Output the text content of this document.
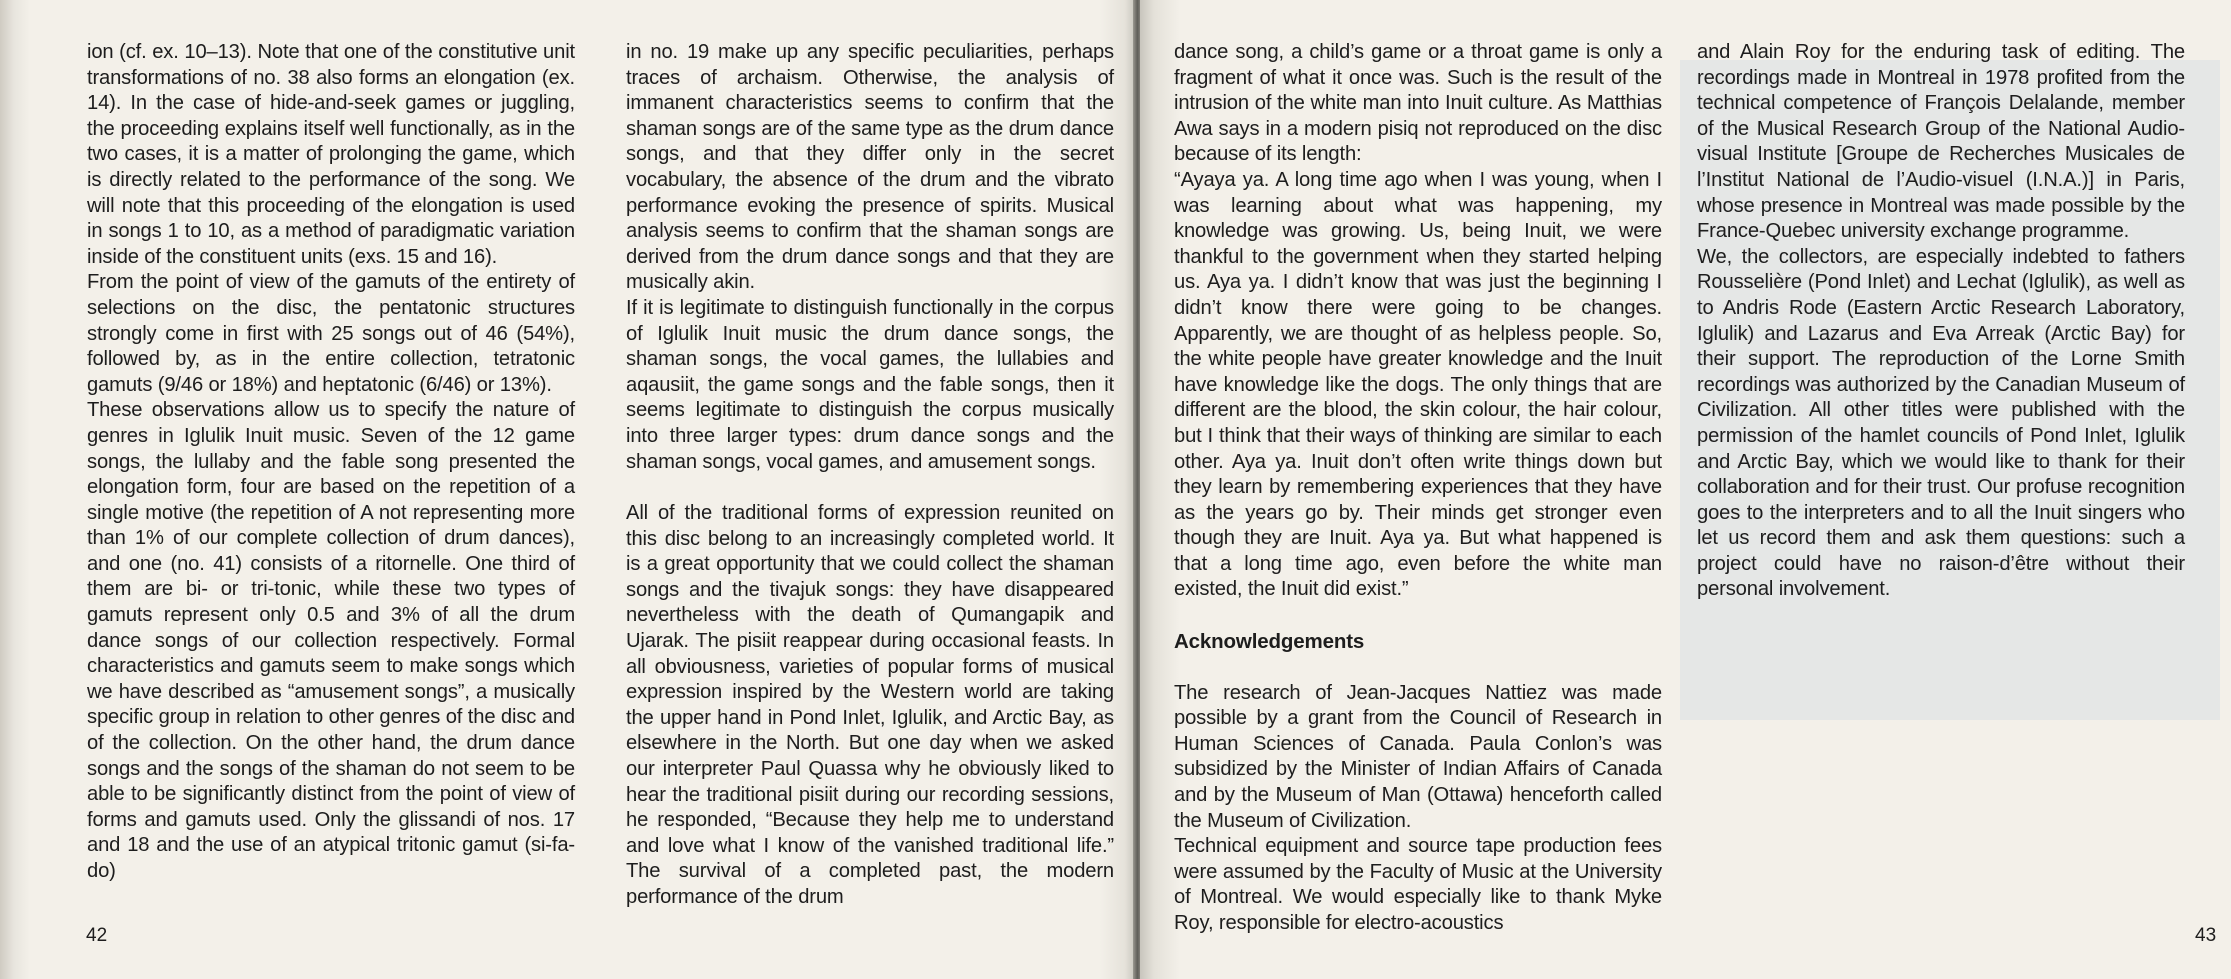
ion (cf. ex. 10–13). Note that one of the constitutive unit transformations of no. 38 also forms an elongation (ex. 14). In the case of hide-and-seek games or juggling, the proceeding explains itself well functionally, as in the two cases, it is a matter of prolonging the game, which is directly related to the performance of the song. We will note that this proceeding of the elongation is used in songs 1 to 10, as a method of paradigmatic variation inside of the constituent units (exs. 15 and 16).

From the point of view of the gamuts of the entirety of selections on the disc, the pentatonic structures strongly come in first with 25 songs out of 46 (54%), followed by, as in the entire collection, tetratonic gamuts (9/46 or 18%) and heptatonic (6/46) or 13%).

These observations allow us to specify the nature of genres in Iglulik Inuit music. Seven of the 12 game songs, the lullaby and the fable song presented the elongation form, four are based on the repetition of a single motive (the repetition of A not representing more than 1% of our complete collection of drum dances), and one (no. 41) consists of a ritornelle. One third of them are bi- or tri-tonic, while these two types of gamuts represent only 0.5 and 3% of all the drum dance songs of our collection respectively. Formal characteristics and gamuts seem to make songs which we have described as “amusement songs”, a musically specific group in relation to other genres of the disc and of the collection. On the other hand, the drum dance songs and the songs of the shaman do not seem to be able to be significantly distinct from the point of view of forms and gamuts used. Only the glissandi of nos. 17 and 18 and the use of an atypical tritonic gamut (si-fa-do)

in no. 19 make up any specific peculiarities, perhaps traces of archaism. Otherwise, the analysis of immanent characteristics seems to confirm that the shaman songs are of the same type as the drum dance songs, and that they differ only in the secret vocabulary, the absence of the drum and the vibrato performance evoking the presence of spirits. Musical analysis seems to confirm that the shaman songs are derived from the drum dance songs and that they are musically akin.

If it is legitimate to distinguish functionally in the corpus of Iglulik Inuit music the drum dance songs, the shaman songs, the vocal games, the lullabies and aqausiit, the game songs and the fable songs, then it seems legitimate to distinguish the corpus musically into three larger types: drum dance songs and the shaman songs, vocal games, and amusement songs.

All of the traditional forms of expression reunited on this disc belong to an increasingly completed world. It is a great opportunity that we could collect the shaman songs and the tivajuk songs: they have disappeared nevertheless with the death of Qumangapik and Ujarak. The pisiit reappear during occasional feasts. In all obviousness, varieties of popular forms of musical expression inspired by the Western world are taking the upper hand in Pond Inlet, Iglulik, and Arctic Bay, as elsewhere in the North. But one day when we asked our interpreter Paul Quassa why he obviously liked to hear the traditional pisiit during our recording sessions, he responded, “Because they help me to understand and love what I know of the vanished traditional life.” The survival of a completed past, the modern performance of the drum

42

dance song, a child’s game or a throat game is only a fragment of what it once was. Such is the result of the intrusion of the white man into Inuit culture. As Matthias Awa says in a modern pisiq not reproduced on the disc because of its length:

“Ayaya ya. A long time ago when I was young, when I was learning about what was happening, my knowledge was growing. Us, being Inuit, we were thankful to the government when they started helping us. Aya ya. I didn’t know that was just the beginning I didn’t know there were going to be changes. Apparently, we are thought of as helpless people. So, the white people have greater knowledge and the Inuit have knowledge like the dogs. The only things that are different are the blood, the skin colour, the hair colour, but I think that their ways of thinking are similar to each other. Aya ya. Inuit don’t often write things down but they learn by remembering experiences that they have as the years go by. Their minds get stronger even though they are Inuit. Aya ya. But what happened is that a long time ago, even before the white man existed, the Inuit did exist.”

Acknowledgements

The research of Jean-Jacques Nattiez was made possible by a grant from the Council of Research in Human Sciences of Canada. Paula Conlon’s was subsidized by the Minister of Indian Affairs of Canada and by the Museum of Man (Ottawa) henceforth called the Museum of Civilization.

Technical equipment and source tape production fees were assumed by the Faculty of Music at the University of Montreal. We would especially like to thank Myke Roy, responsible for electro-acoustics

and Alain Roy for the enduring task of editing. The recordings made in Montreal in 1978 profited from the technical competence of François Delalande, member of the Musical Research Group of the National Audio-visual Institute [Groupe de Recherches Musicales de l’Institut National de l’Audio-visuel (I.N.A.)] in Paris, whose presence in Montreal was made possible by the France-Quebec university exchange programme.

We, the collectors, are especially indebted to fathers Rousselière (Pond Inlet) and Lechat (Iglulik), as well as to Andris Rode (Eastern Arctic Research Laboratory, Iglulik) and Lazarus and Eva Arreak (Arctic Bay) for their support. The reproduction of the Lorne Smith recordings was authorized by the Canadian Museum of Civilization. All other titles were published with the permission of the hamlet councils of Pond Inlet, Iglulik and Arctic Bay, which we would like to thank for their collaboration and for their trust. Our profuse recognition goes to the interpreters and to all the Inuit singers who let us record them and ask them questions: such a project could have no raison-d’être without their personal involvement.

43
